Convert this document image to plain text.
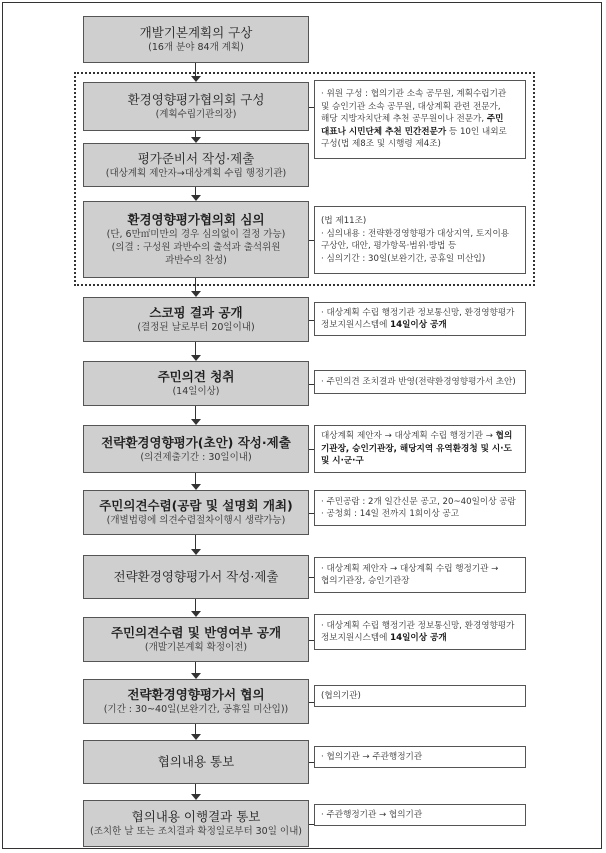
개발기본계획의 구상
(16개 분야 84개 계획)
환경영향평가협의회 구성
(계획수립기관의장)
평가준비서 작성·제출
(대상계획 제안자→대상계획 수립 행정기관)
환경영향평가협의회 심의
(단, 6만㎡미만의 경우 심의없이 결정 가능)
(의결 : 구성원 과반수의 출석과 출석위원
과반수의 찬성)
스코핑 결과 공개
(결정된 날로부터 20일이내)
주민의견 청취
(14일이상)
전략환경영향평가(초안) 작성·제출
(의견제출기간 : 30일이내)
주민의견수렴(공람 및 설명회 개최)
(개별법령에 의견수렴절차이행시 생략가능)
전략환경영향평가서 작성·제출
주민의견수렴 및 반영여부 공개
(개발기본계획 확정이전)
전략환경영향평가서 협의
(기간 : 30~40일(보완기간, 공휴일 미산입))
협의내용 통보
협의내용 이행결과 통보
(조치한 날 또는 조치결과 확정일로부터 30일 이내)
· 위원 구성 : 협의기관 소속 공무원, 계획수립기관
및 승인기관 소속 공무원, 대상계획 관련 전문가,
해당 지방자치단체 추천 공무원이나 전문가, 주민
대표나 시민단체 추천 민간전문가 등 10인 내외로
구성(법 제8조 및 시행령 제4조)
(법 제11조)
· 심의내용 : 전략환경영향평가 대상지역, 토지이용
구상안, 대안, 평가항목·범위·방법 등
· 심의기간 : 30일(보완기간, 공휴일 미산입)
· 대상계획 수립 행정기관 정보통신망, 환경영향평가
정보지원시스템에 14일이상 공개
· 주민의견 조치결과 반영(전략환경영향평가서 초안)
대상계획 제안자 → 대상계획 수립 행정기관 → 협의
기관장, 승인기관장, 해당지역 유역환경청 및 시·도
및 시·군·구
· 주민공람 : 2개 일간신문 공고, 20~40일이상 공람
· 공청회 : 14일 전까지 1회이상 공고
· 대상계획 제안자 → 대상계획 수립 행정기관 →
협의기관장, 승인기관장
· 대상계획 수립 행정기관 정보통신망, 환경영향평가
정보지원시스템에 14일이상 공개
(협의기관)
· 협의기관 → 주관행정기관
· 주관행정기관 → 협의기관
